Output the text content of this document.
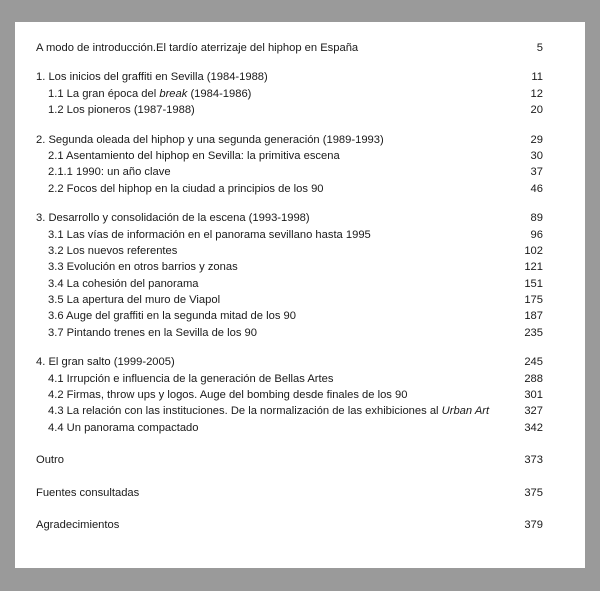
A modo de introducción.El tardío aterrizaje del hiphop en España	5
1. Los inicios del graffiti en Sevilla (1984-1988)	11
1.1 La gran época del break (1984-1986)	12
1.2 Los pioneros (1987-1988)	20
2. Segunda oleada del hiphop y una segunda generación (1989-1993)	29
2.1 Asentamiento del hiphop en Sevilla: la primitiva escena	30
2.1.1 1990: un año clave	37
2.2 Focos del hiphop en la ciudad a principios de los 90	46
3. Desarrollo y consolidación de la escena (1993-1998)	89
3.1 Las vías de información en el panorama sevillano hasta 1995	96
3.2 Los nuevos referentes	102
3.3 Evolución en otros barrios y zonas	121
3.4 La cohesión del panorama	151
3.5 La apertura del muro de Viapol	175
3.6 Auge del graffiti en la segunda mitad de los 90	187
3.7 Pintando trenes en la Sevilla de los 90	235
4. El gran salto (1999-2005)	245
4.1 Irrupción e influencia de la generación de Bellas Artes	288
4.2 Firmas, throw ups y logos. Auge del bombing desde finales de los 90	301
4.3 La relación con las instituciones. De la normalización de las exhibiciones al Urban Art	327
4.4 Un panorama compactado	342
Outro	373
Fuentes consultadas	375
Agradecimientos	379
